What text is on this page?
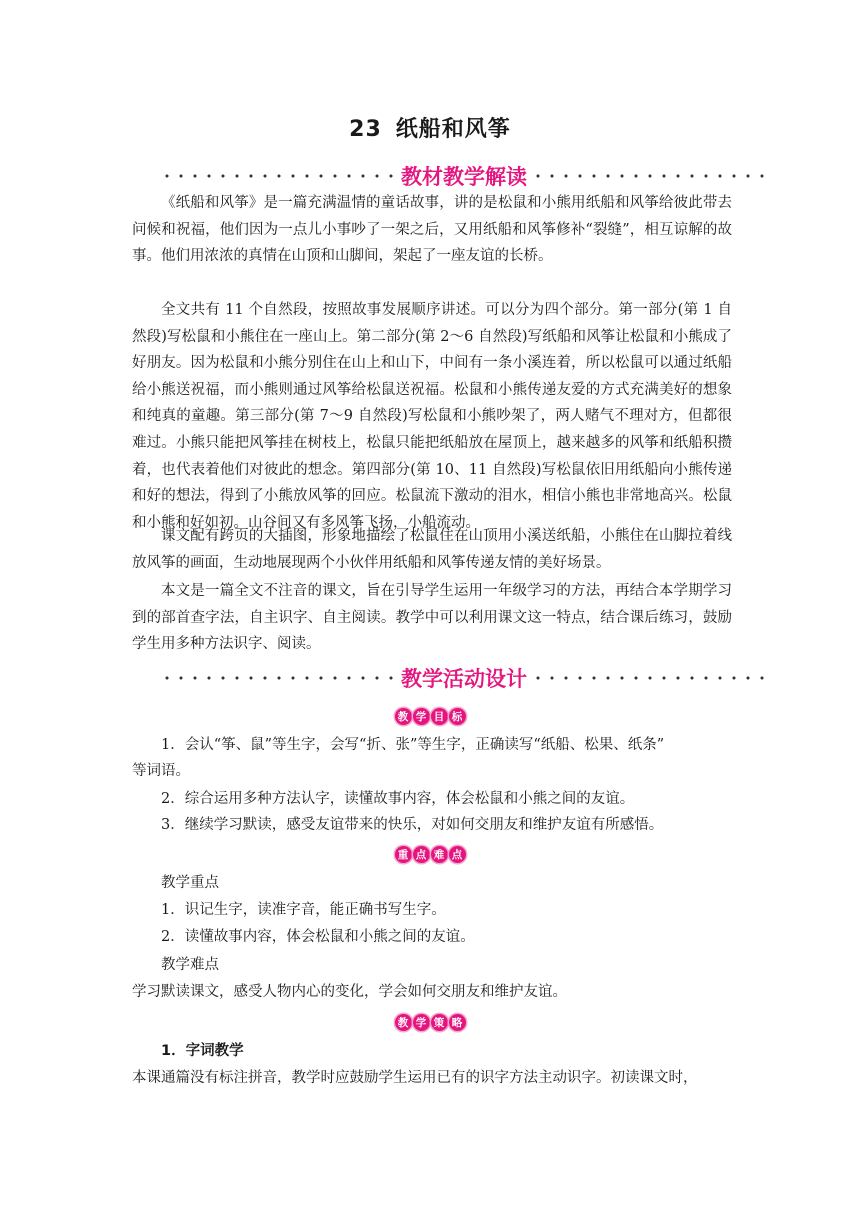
23 纸船和风筝
教材教学解读
《纸船和风筝》是一篇充满温情的童话故事，讲的是松鼠和小熊用纸船和风筝给彼此带去问候和祝福，他们因为一点儿小事吵了一架之后，又用纸船和风筝修补“裂缝”，相互谅解的故事。他们用浓浓的真情在山顶和山脚间，架起了一座友谊的长桥。
全文共有 11 个自然段，按照故事发展顺序讲述。可以分为四个部分。第一部分(第 1 自然段)写松鼠和小熊住在一座山上。第二部分(第 2～6 自然段)写纸船和风筝让松鼠和小熊成了好朋友。因为松鼠和小熊分别住在山上和山下，中间有一条小溪连着，所以松鼠可以通过纸船给小熊送祝福，而小熊则通过风筝给松鼠送祝福。松鼠和小熊传递友爱的方式充满美好的想象和纯真的童趣。第三部分(第 7～9 自然段)写松鼠和小熊吵架了，两人赌气不理对方，但都很难过。小熊只能把风筝挂在树枝上，松鼠只能把纸船放在屋顶上，越来越多的风筝和纸船积攒着，也代表着他们对彼此的想念。第四部分(第 10、11 自然段)写松鼠依旧用纸船向小熊传递和好的想法，得到了小熊放风筝的回应。松鼠流下激动的泪水，相信小熊也非常地高兴。松鼠和小熊和好如初。山谷间又有多风筝飞扬，小船流动。
课文配有跨页的大插图，形象地描绘了松鼠住在山顶用小溪送纸船，小熊住在山脚拉着线放风筝的画面，生动地展现两个小伙伴用纸船和风筝传递友情的美好场景。
本文是一篇全文不注音的课文，旨在引导学生运用一年级学习的方法，再结合本学期学习到的部首查字法，自主识字、自主阅读。教学中可以利用课文这一特点，结合课后练习，鼓励学生用多种方法识字、阅读。
教学活动设计
教 学 目 标
1．会认“筝、鼠”等生字，会写“折、张”等生字，正确读写“纸船、松果、纸条”
等词语。
2．综合运用多种方法认字，读懂故事内容，体会松鼠和小熊之间的友谊。
3．继续学习默读，感受友谊带来的快乐，对如何交朋友和维护友谊有所感悟。
重 点 难 点
教学重点
1．识记生字，读准字音，能正确书写生字。
2．读懂故事内容，体会松鼠和小熊之间的友谊。
教学难点
学习默读课文，感受人物内心的变化，学会如何交朋友和维护友谊。
教 学 策 略
1．字词教学
本课通篇没有标注拼音，教学时应鼓励学生运用已有的识字方法主动识字。初读课文时，
